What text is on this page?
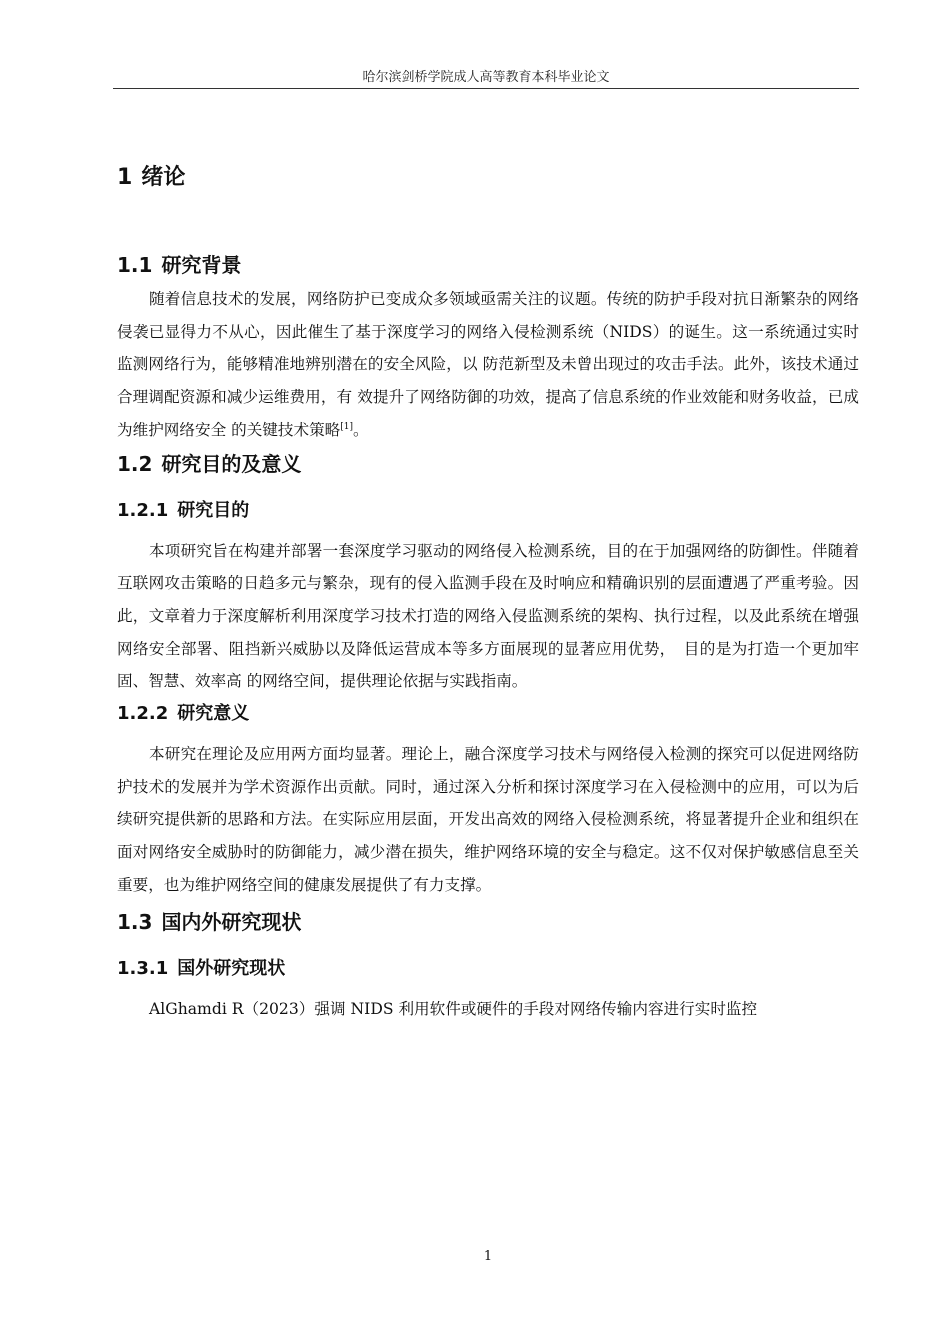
哈尔滨剑桥学院成人高等教育本科毕业论文
1 绪论
1.1 研究背景

随着信息技术的发展，网络防护已变成众多领域亟需关注的议题。传统的防护手段对抗日渐繁杂的网络侵袭已显得力不从心，因此催生了基于深度学习的网络入侵检测系统（NIDS）的诞生。这一系统通过实时监测网络行为，能够精准地辨别潜在的安全风险，以 防范新型及未曾出现过的攻击手法。此外，该技术通过合理调配资源和减少运维费用，有 效提升了网络防御的功效，提高了信息系统的作业效能和财务收益，已成为维护网络安全 的关键技术策略[1]。

1.2 研究目的及意义
1.2.1 研究目的

本项研究旨在构建并部署一套深度学习驱动的网络侵入检测系统，目的在于加强网络的防御性。伴随着互联网攻击策略的日趋多元与繁杂，现有的侵入监测手段在及时响应和精确识别的层面遭遇了严重考验。因此，文章着力于深度解析利用深度学习技术打造的网络入侵监测系统的架构、执行过程，以及此系统在增强网络安全部署、阻挡新兴威胁以及降低运营成本等多方面展现的显著应用优势，　目的是为打造一个更加牢固、智慧、效率高 的网络空间，提供理论依据与实践指南。

1.2.2 研究意义

本研究在理论及应用两方面均显著。理论上，融合深度学习技术与网络侵入检测的探究可以促进网络防护技术的发展并为学术资源作出贡献。同时，通过深入分析和探讨深度学习在入侵检测中的应用，可以为后续研究提供新的思路和方法。在实际应用层面，开发出高效的网络入侵检测系统，将显著提升企业和组织在面对网络安全威胁时的防御能力，减少潜在损失，维护网络环境的安全与稳定。这不仅对保护敏感信息至关重要，也为维护网络空间的健康发展提供了有力支撑。

1.3 国内外研究现状
1.3.1 国外研究现状

AlGhamdi R（2023）强调 NIDS 利用软件或硬件的手段对网络传输内容进行实时监控

1
